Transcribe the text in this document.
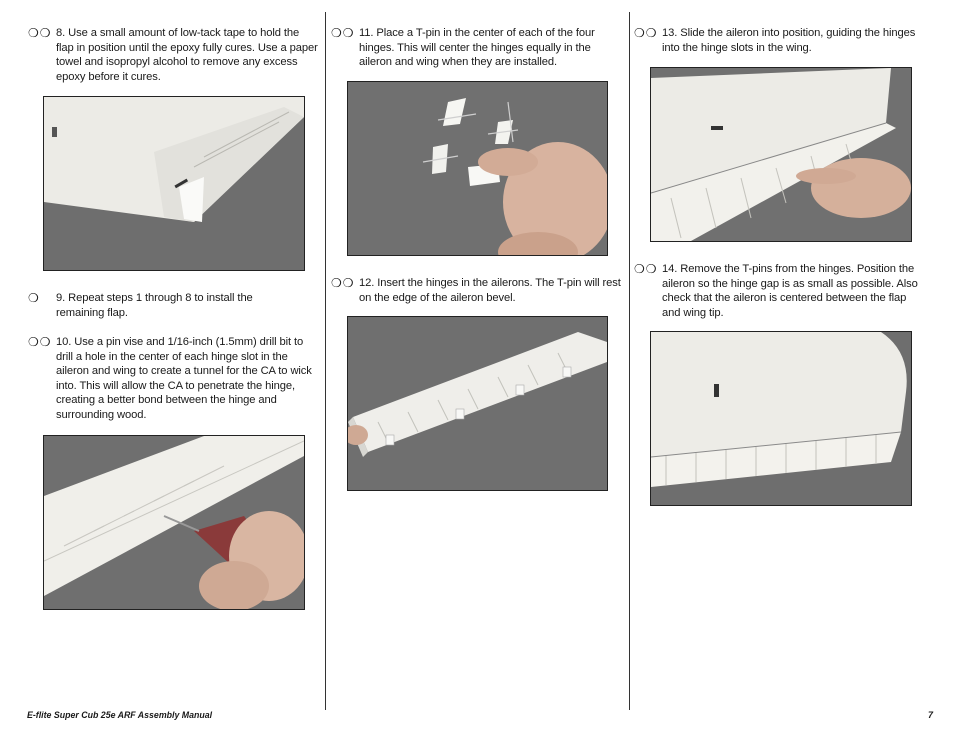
❍❍ 8. Use a small amount of low-tack tape to hold the flap in position until the epoxy fully cures. Use a paper towel and isopropyl alcohol to remove any excess epoxy before it cures.
❍ 9. Repeat steps 1 through 8 to install the remaining flap.
❍❍ 10. Use a pin vise and 1/16-inch (1.5mm) drill bit to drill a hole in the center of each hinge slot in the aileron and wing to create a tunnel for the CA to wick into. This will allow the CA to penetrate the hinge, creating a better bond between the hinge and surrounding wood.
❍❍ 11. Place a T-pin in the center of each of the four hinges. This will center the hinges equally in the aileron and wing when they are installed.
❍❍ 12. Insert the hinges in the ailerons. The T-pin will rest on the edge of the aileron bevel.
❍❍ 13. Slide the aileron into position, guiding the hinges into the hinge slots in the wing.
❍❍ 14. Remove the T-pins from the hinges. Position the aileron so the hinge gap is as small as possible. Also check that the aileron is centered between the flap and wing tip.
E-flite Super Cub 25e ARF Assembly Manual	7
